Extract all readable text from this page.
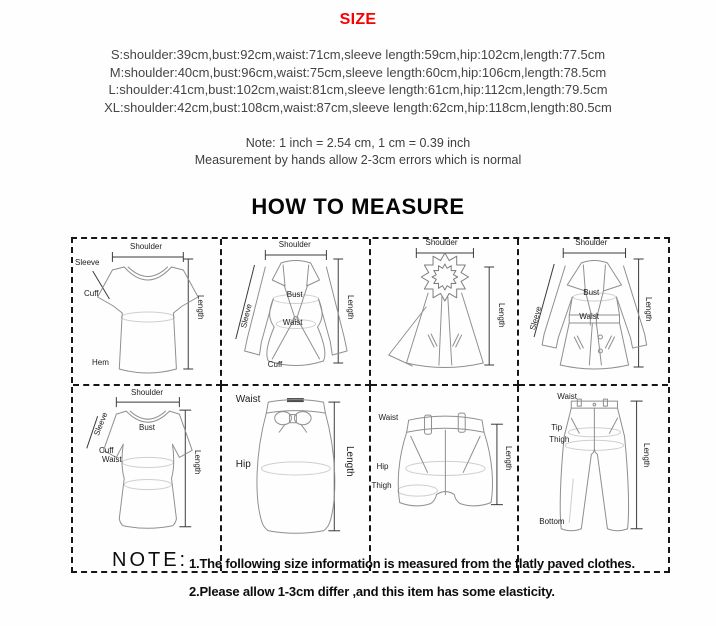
SIZE
S:shoulder:39cm,bust:92cm,waist:71cm,sleeve length:59cm,hip:102cm,length:77.5cm
M:shoulder:40cm,bust:96cm,waist:75cm,sleeve length:60cm,hip:106cm,length:78.5cm
L:shoulder:41cm,bust:102cm,waist:81cm,sleeve length:61cm,hip:112cm,length:79.5cm
XL:shoulder:42cm,bust:108cm,waist:87cm,sleeve length:62cm,hip:118cm,length:80.5cm
Note: 1 inch = 2.54 cm, 1 cm = 0.39 inch
Measurement by hands allow 2-3cm errors which is normal
HOW TO MEASURE
Shoulder
Sleeve
Cuff
Length
Hem
Shoulder
Sleeve
Bust
Waist
Cuff
Length
Shoulder
Length
Shoulder
Sleeve
Bust
Waist	Length
Shoulder
Sleeve	Bust
Cuff
Waist	Length
Waist
Hip	Length
Waist
Hip
Thigh
Length
Waist
Tip
Thigh
Length
Bottom
NOTE: 1.The following size information is measured from the flatly paved clothes.
2.Please allow 1-3cm differ ,and this item has some elasticity.
